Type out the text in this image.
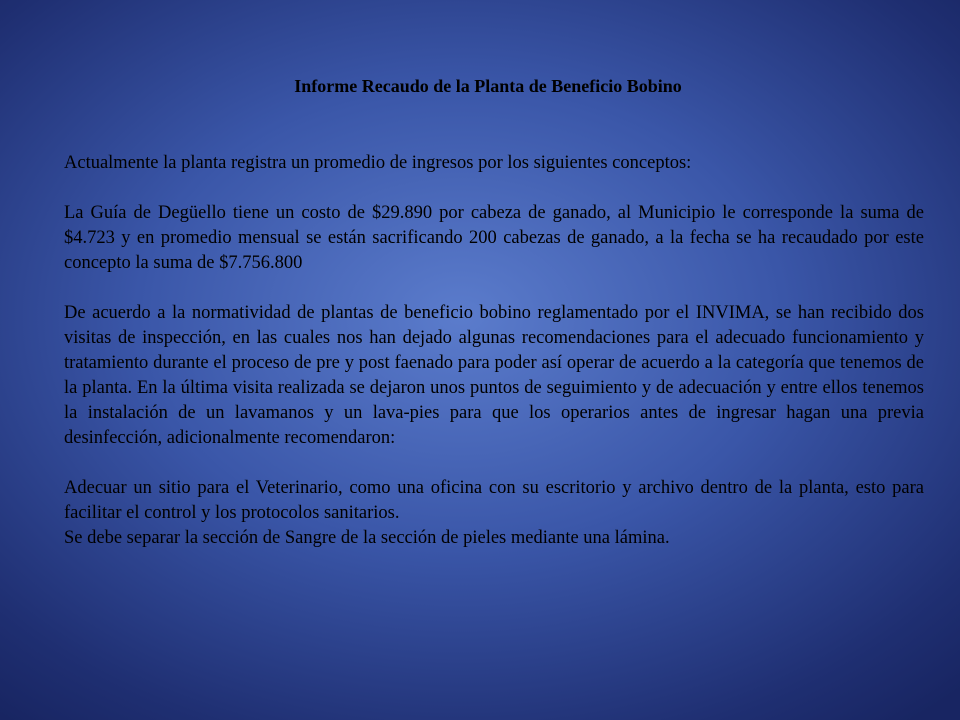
Informe Recaudo de la Planta de Beneficio Bobino

Actualmente la planta registra un promedio de ingresos por los siguientes conceptos:

La Guía de Degüello tiene un costo de $29.890 por cabeza de ganado, al Municipio le corresponde la suma de $4.723 y en promedio mensual se están sacrificando 200 cabezas de ganado, a la fecha se ha recaudado por este concepto la suma de $7.756.800

De acuerdo a la normatividad de plantas de beneficio bobino reglamentado por el INVIMA, se han recibido dos visitas de inspección, en las cuales nos han dejado algunas recomendaciones para el adecuado funcionamiento y tratamiento durante el proceso de pre y post faenado para poder así operar de acuerdo a la categoría que tenemos de la planta. En la última visita realizada se dejaron unos puntos de seguimiento y de adecuación y entre ellos tenemos la instalación de un lavamanos y un lava-pies para que los operarios antes de ingresar hagan una previa desinfección, adicionalmente recomendaron:

Adecuar un sitio para el Veterinario, como una oficina con su escritorio y archivo dentro de la planta, esto para facilitar el control y los protocolos sanitarios.

Se debe separar la sección de Sangre de la sección de pieles mediante una lámina.
